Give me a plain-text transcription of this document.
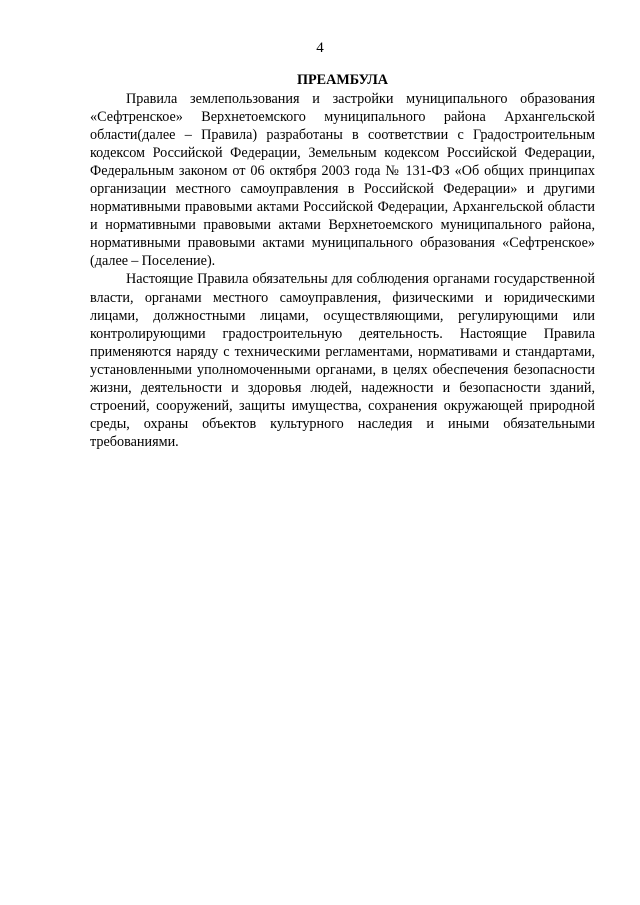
4
ПРЕАМБУЛА

Правила землепользования и застройки муниципального образования «Сефтренское» Верхнетоемского муниципального района Архангельской области(далее – Правила) разработаны в соответствии с Градостроительным кодексом Российской Федерации, Земельным кодексом Российской Федерации, Федеральным законом от 06 октября 2003 года № 131-ФЗ «Об общих принципах организации местного самоуправления в Российской Федерации» и другими нормативными правовыми актами Российской Федерации, Архангельской области и нормативными правовыми актами Верхнетоемского муниципального района, нормативными правовыми актами муниципального образования «Сефтренское» (далее – Поселение).

Настоящие Правила обязательны для соблюдения органами государственной власти, органами местного самоуправления, физическими и юридическими лицами, должностными лицами, осуществляющими, регулирующими или контролирующими градостроительную деятельность. Настоящие Правила применяются наряду с техническими регламентами, нормативами и стандартами, установленными уполномоченными органами, в целях обеспечения безопасности жизни, деятельности и здоровья людей, надежности и безопасности зданий, строений, сооружений, защиты имущества, сохранения окружающей природной среды, охраны объектов культурного наследия и иными обязательными требованиями.
